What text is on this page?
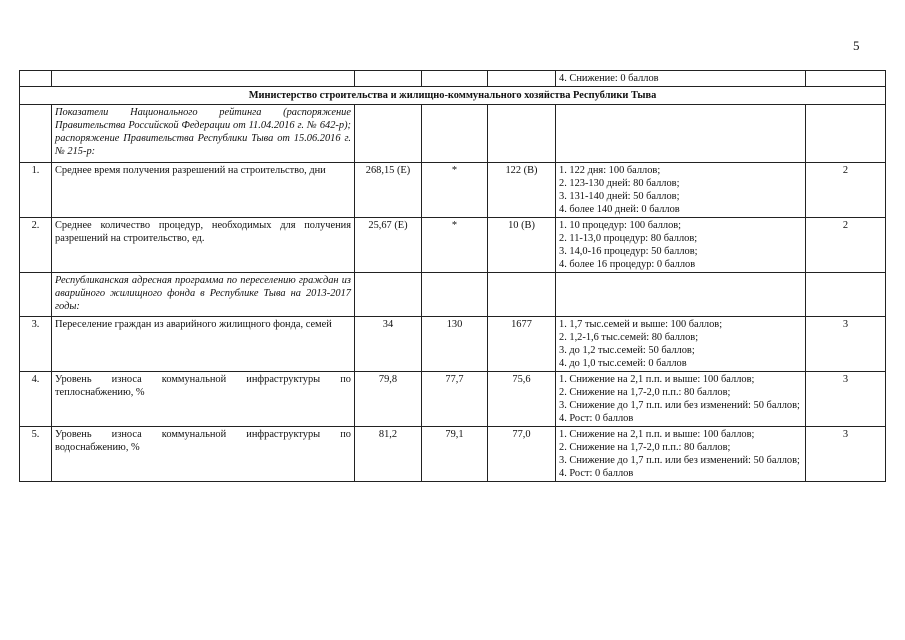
5

					4. Снижение: 0 баллов	

Министерство строительства и жилищно-коммунального хозяйства Республики Тыва						
	Показатели Национального рейтинга (распоряжение Правительства Российской Федерации от 11.04.2016 г. № 642-р); распоряжение Правительства Республики Тыва от 15.06.2016 г. № 215-р:					
1.	Среднее время получения разрешений на строительство, дни	268,15 (Е)	*	122 (В)	1. 122 дня: 100 баллов;
2. 123-130 дней: 80 баллов;
3. 131-140 дней: 50 баллов;
4. более 140 дней: 0 баллов	2
2.	Среднее количество процедур, необходимых для получения разрешений на строительство, ед.	25,67 (Е)	*	10 (В)	1. 10 процедур: 100 баллов;
2. 11-13,0 процедур: 80 баллов;
3. 14,0-16 процедур: 50 баллов;
4. более 16 процедур: 0 баллов	2
	Республиканская адресная программа по переселению граждан из аварийного жилищного фонда в Республике Тыва на 2013-2017 годы:					
3.	Переселение граждан из аварийного жилищного фонда, семей	34	130	1677	1. 1,7 тыс.семей и выше: 100 баллов;
2. 1,2-1,6 тыс.семей: 80 баллов;
3. до 1,2 тыс.семей: 50 баллов;
4. до 1,0 тыс.семей: 0 баллов	3
4.	Уровень износа коммунальной инфраструктуры по теплоснабжению, %	79,8	77,7	75,6	1. Снижение на 2,1 п.п. и выше: 100 баллов;
2. Снижение на 1,7-2,0 п.п.: 80 баллов;
3. Снижение до 1,7 п.п. или без изменений: 50 баллов;
4. Рост: 0 баллов	3
5.	Уровень износа коммунальной инфраструктуры по водоснабжению, %	81,2	79,1	77,0	1. Снижение на 2,1 п.п. и выше: 100 баллов;
2. Снижение на 1,7-2,0 п.п.: 80 баллов;
3. Снижение до 1,7 п.п. или без изменений: 50 баллов;
4. Рост: 0 баллов	3
